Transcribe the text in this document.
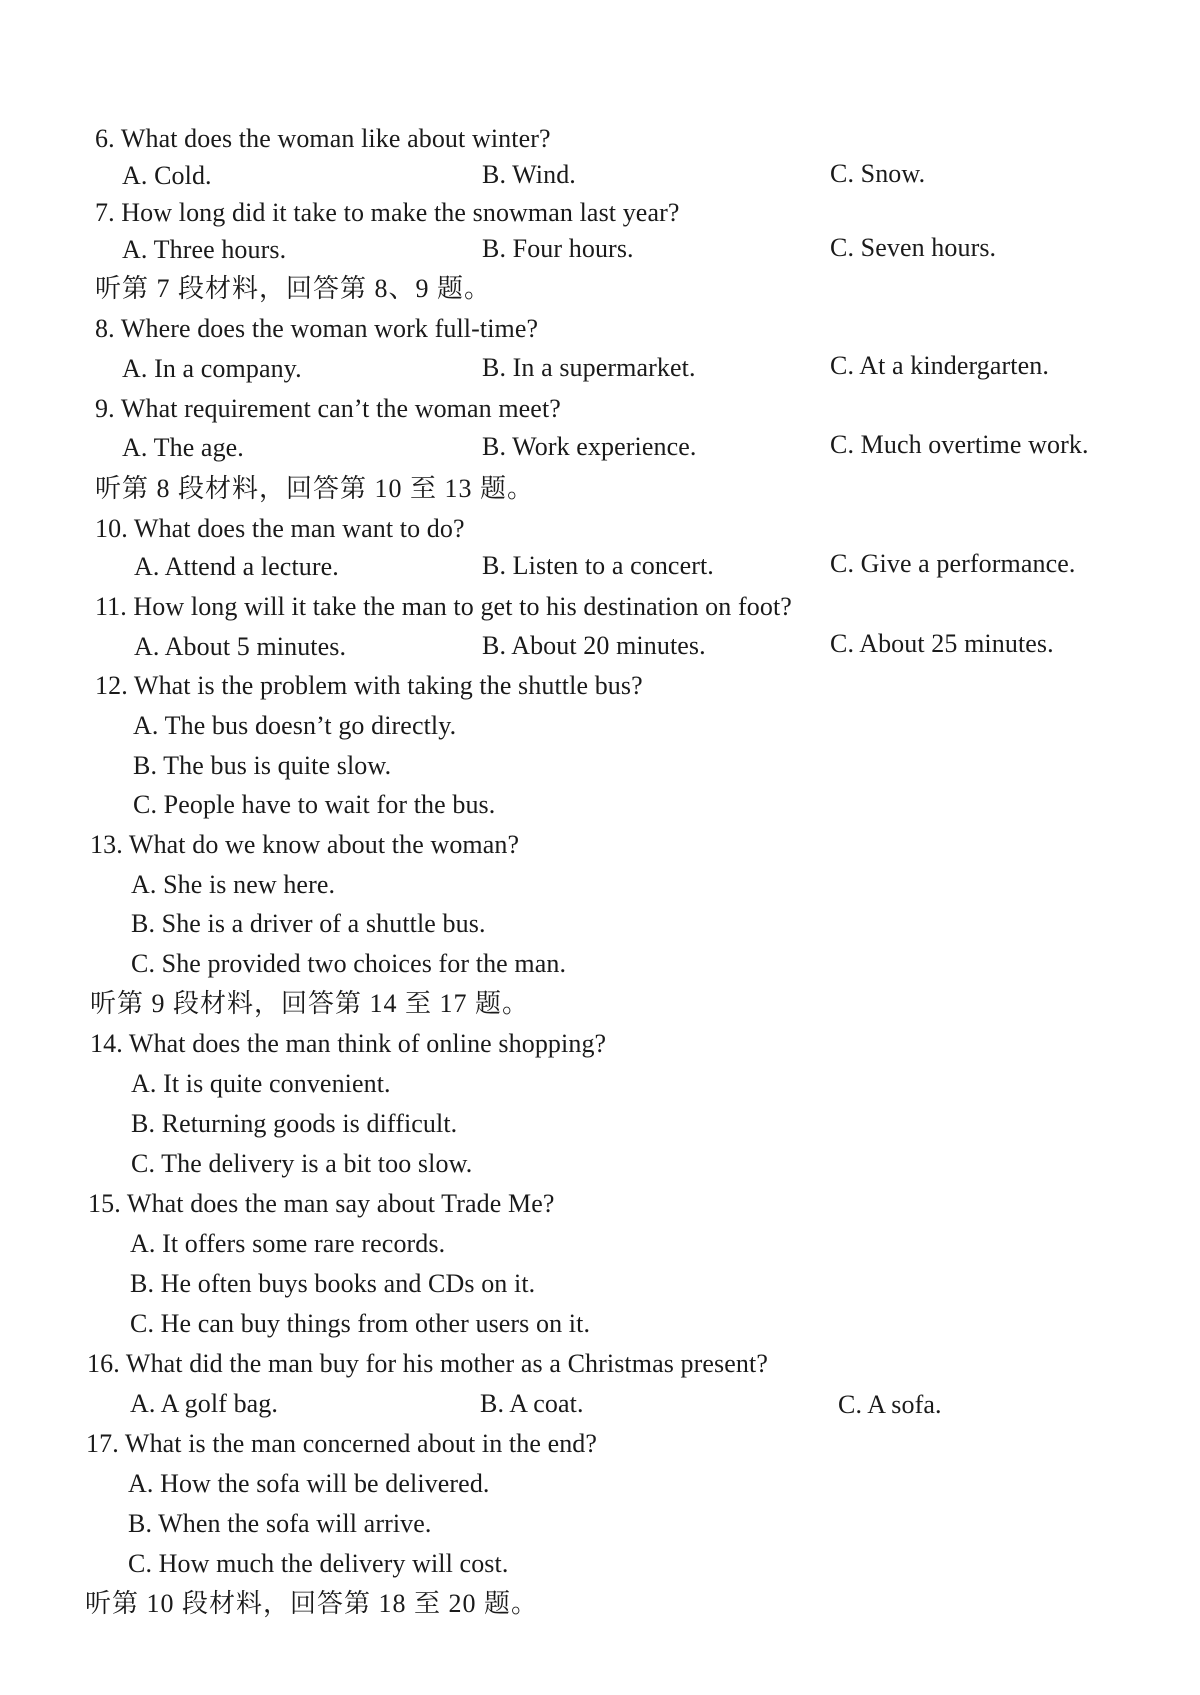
6. What does the woman like about winter?
A. Cold.	B. Wind.	C. Snow.
7. How long did it take to make the snowman last year?
A. Three hours.	B. Four hours.	C. Seven hours.
听第 7 段材料，回答第 8、9 题。
8. Where does the woman work full-time?
A. In a company.	B. In a supermarket.	C. At a kindergarten.
9. What requirement can’t the woman meet?
A. The age.	B. Work experience.	C. Much overtime work.
听第 8 段材料，回答第 10 至 13 题。
10. What does the man want to do?
A. Attend a lecture.	B. Listen to a concert.	C. Give a performance.
11. How long will it take the man to get to his destination on foot?
A. About 5 minutes.	B. About 20 minutes.	C. About 25 minutes.
12. What is the problem with taking the shuttle bus?
A. The bus doesn’t go directly.
B. The bus is quite slow.
C. People have to wait for the bus.
13. What do we know about the woman?
A. She is new here.
B. She is a driver of a shuttle bus.
C. She provided two choices for the man.
听第 9 段材料，回答第 14 至 17 题。
14. What does the man think of online shopping?
A. It is quite convenient.
B. Returning goods is difficult.
C. The delivery is a bit too slow.
15. What does the man say about Trade Me?
A. It offers some rare records.
B. He often buys books and CDs on it.
C. He can buy things from other users on it.
16. What did the man buy for his mother as a Christmas present?
A. A golf bag.	B. A coat.	C. A sofa.
17. What is the man concerned about in the end?
A. How the sofa will be delivered.
B. When the sofa will arrive.
C. How much the delivery will cost.
听第 10 段材料，回答第 18 至 20 题。
